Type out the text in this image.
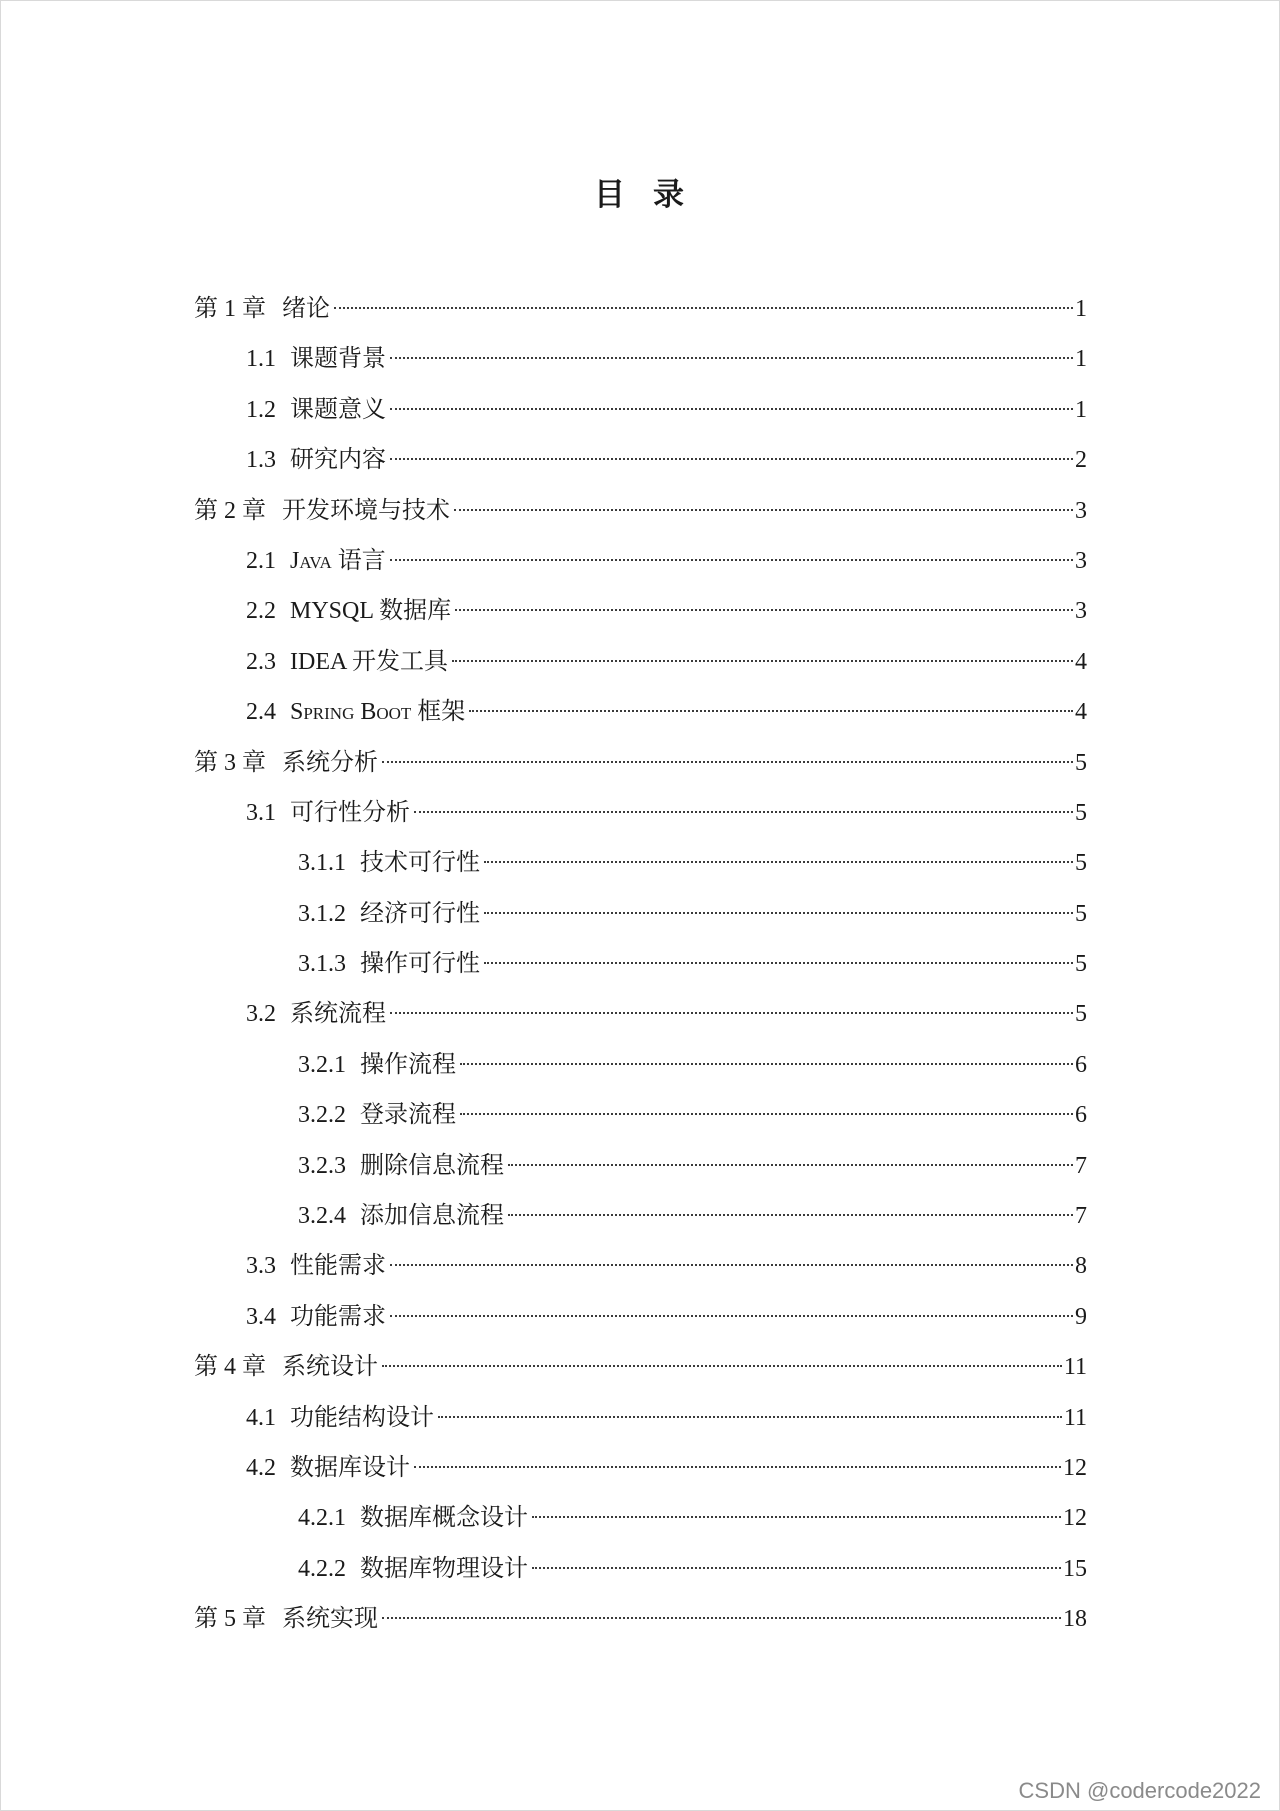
目 录
第 1 章 绪论	1
1.1 课题背景	1
1.2 课题意义	1
1.3 研究内容	2
第 2 章 开发环境与技术	3
2.1 Java 语言	3
2.2 MYSQL 数据库	3
2.3 IDEA 开发工具	4
2.4 Spring Boot 框架	4
第 3 章 系统分析	5
3.1 可行性分析	5
3.1.1 技术可行性	5
3.1.2 经济可行性	5
3.1.3 操作可行性	5
3.2 系统流程	5
3.2.1 操作流程	6
3.2.2 登录流程	6
3.2.3 删除信息流程	7
3.2.4 添加信息流程	7
3.3 性能需求	8
3.4 功能需求	9
第 4 章 系统设计	11
4.1 功能结构设计	11
4.2 数据库设计	12
4.2.1 数据库概念设计	12
4.2.2 数据库物理设计	15
第 5 章 系统实现	18
CSDN @codercode2022
